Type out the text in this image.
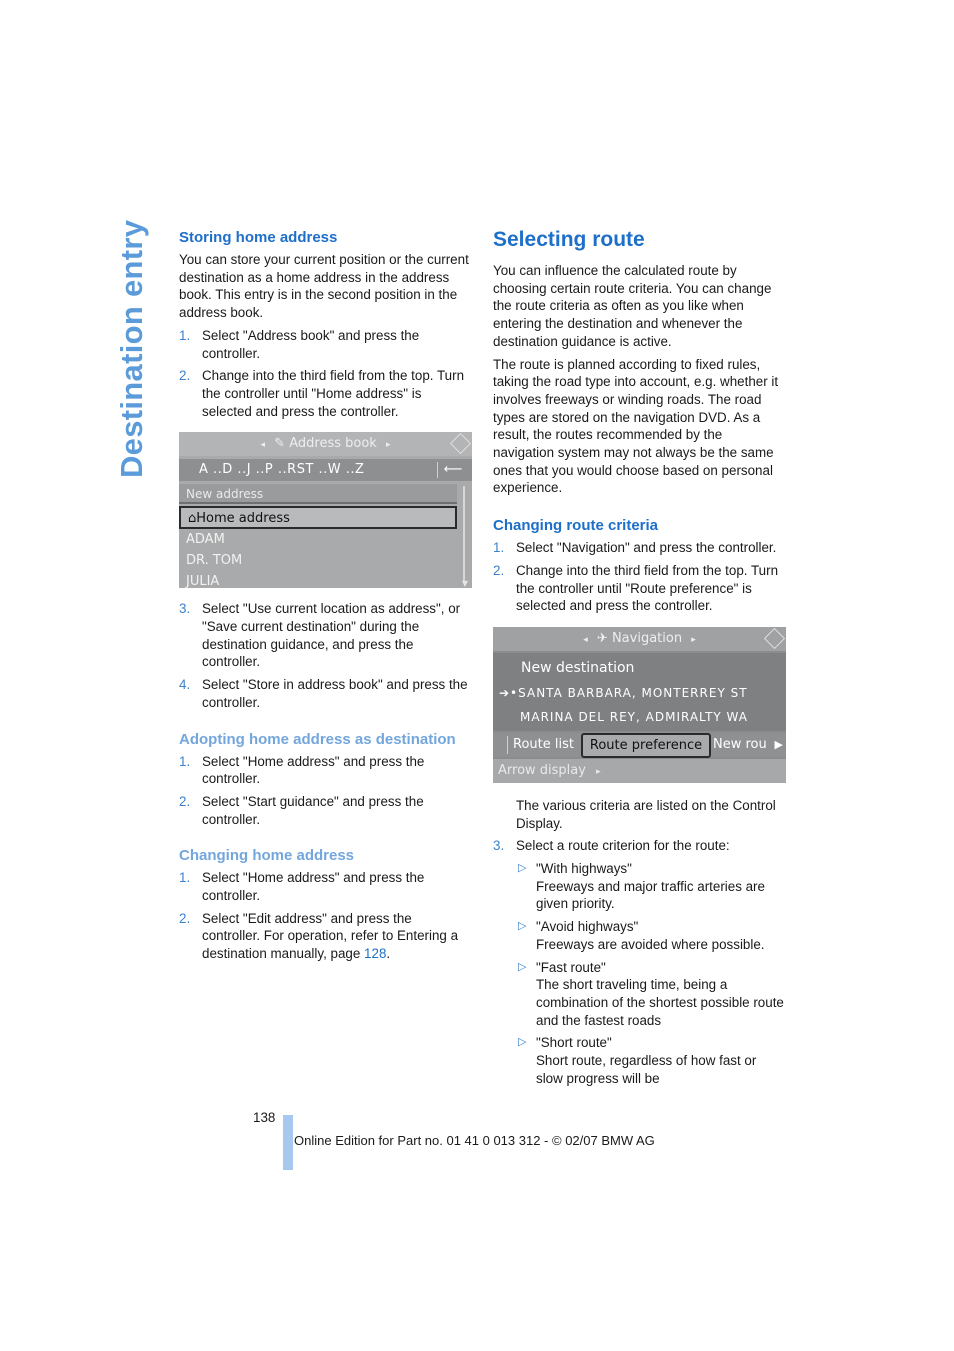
Destination entry Storing home address

You can store your current position or the current destination as a home address in the address book. This entry is in the second position in the address book.

1. Select "Address book" and press the controller.
2. Change into the third field from the top. Turn the controller until "Home address" is selected and press the controller.
◂ ✎ Address book ▸
A ..D ..J ..P ..RST ..W ..Z	⟵
New address
⌂Home address
ADAM
DR. TOM
JULIA	▼
3. Select "Use current location as address", or "Save current destination" during the destination guidance, and press the controller.
4. Select "Store in address book" and press the controller.
Adopting home address as destination
1. Select "Home address" and press the controller.
2. Select "Start guidance" and press the controller.
Changing home address
1. Select "Home address" and press the controller.
2. Select "Edit address" and press the controller. For operation, refer to Entering a destination manually, page 128.
Selecting route

You can influence the calculated route by choosing certain route criteria. You can change the route criteria as often as you like when entering the destination and whenever the destination guidance is active.

The route is planned according to fixed rules, taking the road type into account, e.g. whether it involves freeways or winding roads. The road types are stored on the navigation DVD. As a result, the routes recommended by the navigation system may not always be the same ones that you would choose based on personal experience.

Changing route criteria
1. Select "Navigation" and press the controller.
2. Change into the third field from the top. Turn the controller until "Route preference" is selected and press the controller.
◂ ✈ Navigation ▸
New destination
➔•SANTA BARBARA, MONTERREY ST
MARINA DEL REY, ADMIRALTY WA
Route list	Route preference New rou ▶
Arrow display ▸

The various criteria are listed on the Control Display.

3. Select a route criterion for the route:
▷ "With highways"
Freeways and major traffic arteries are given priority.
▷ "Avoid highways"
Freeways are avoided where possible.
▷ "Fast route"
The short traveling time, being a combination of the shortest possible route and the fastest roads
▷ "Short route"
Short route, regardless of how fast or slow progress will be
138
Online Edition for Part no. 01 41 0 013 312 - © 02/07 BMW AG
